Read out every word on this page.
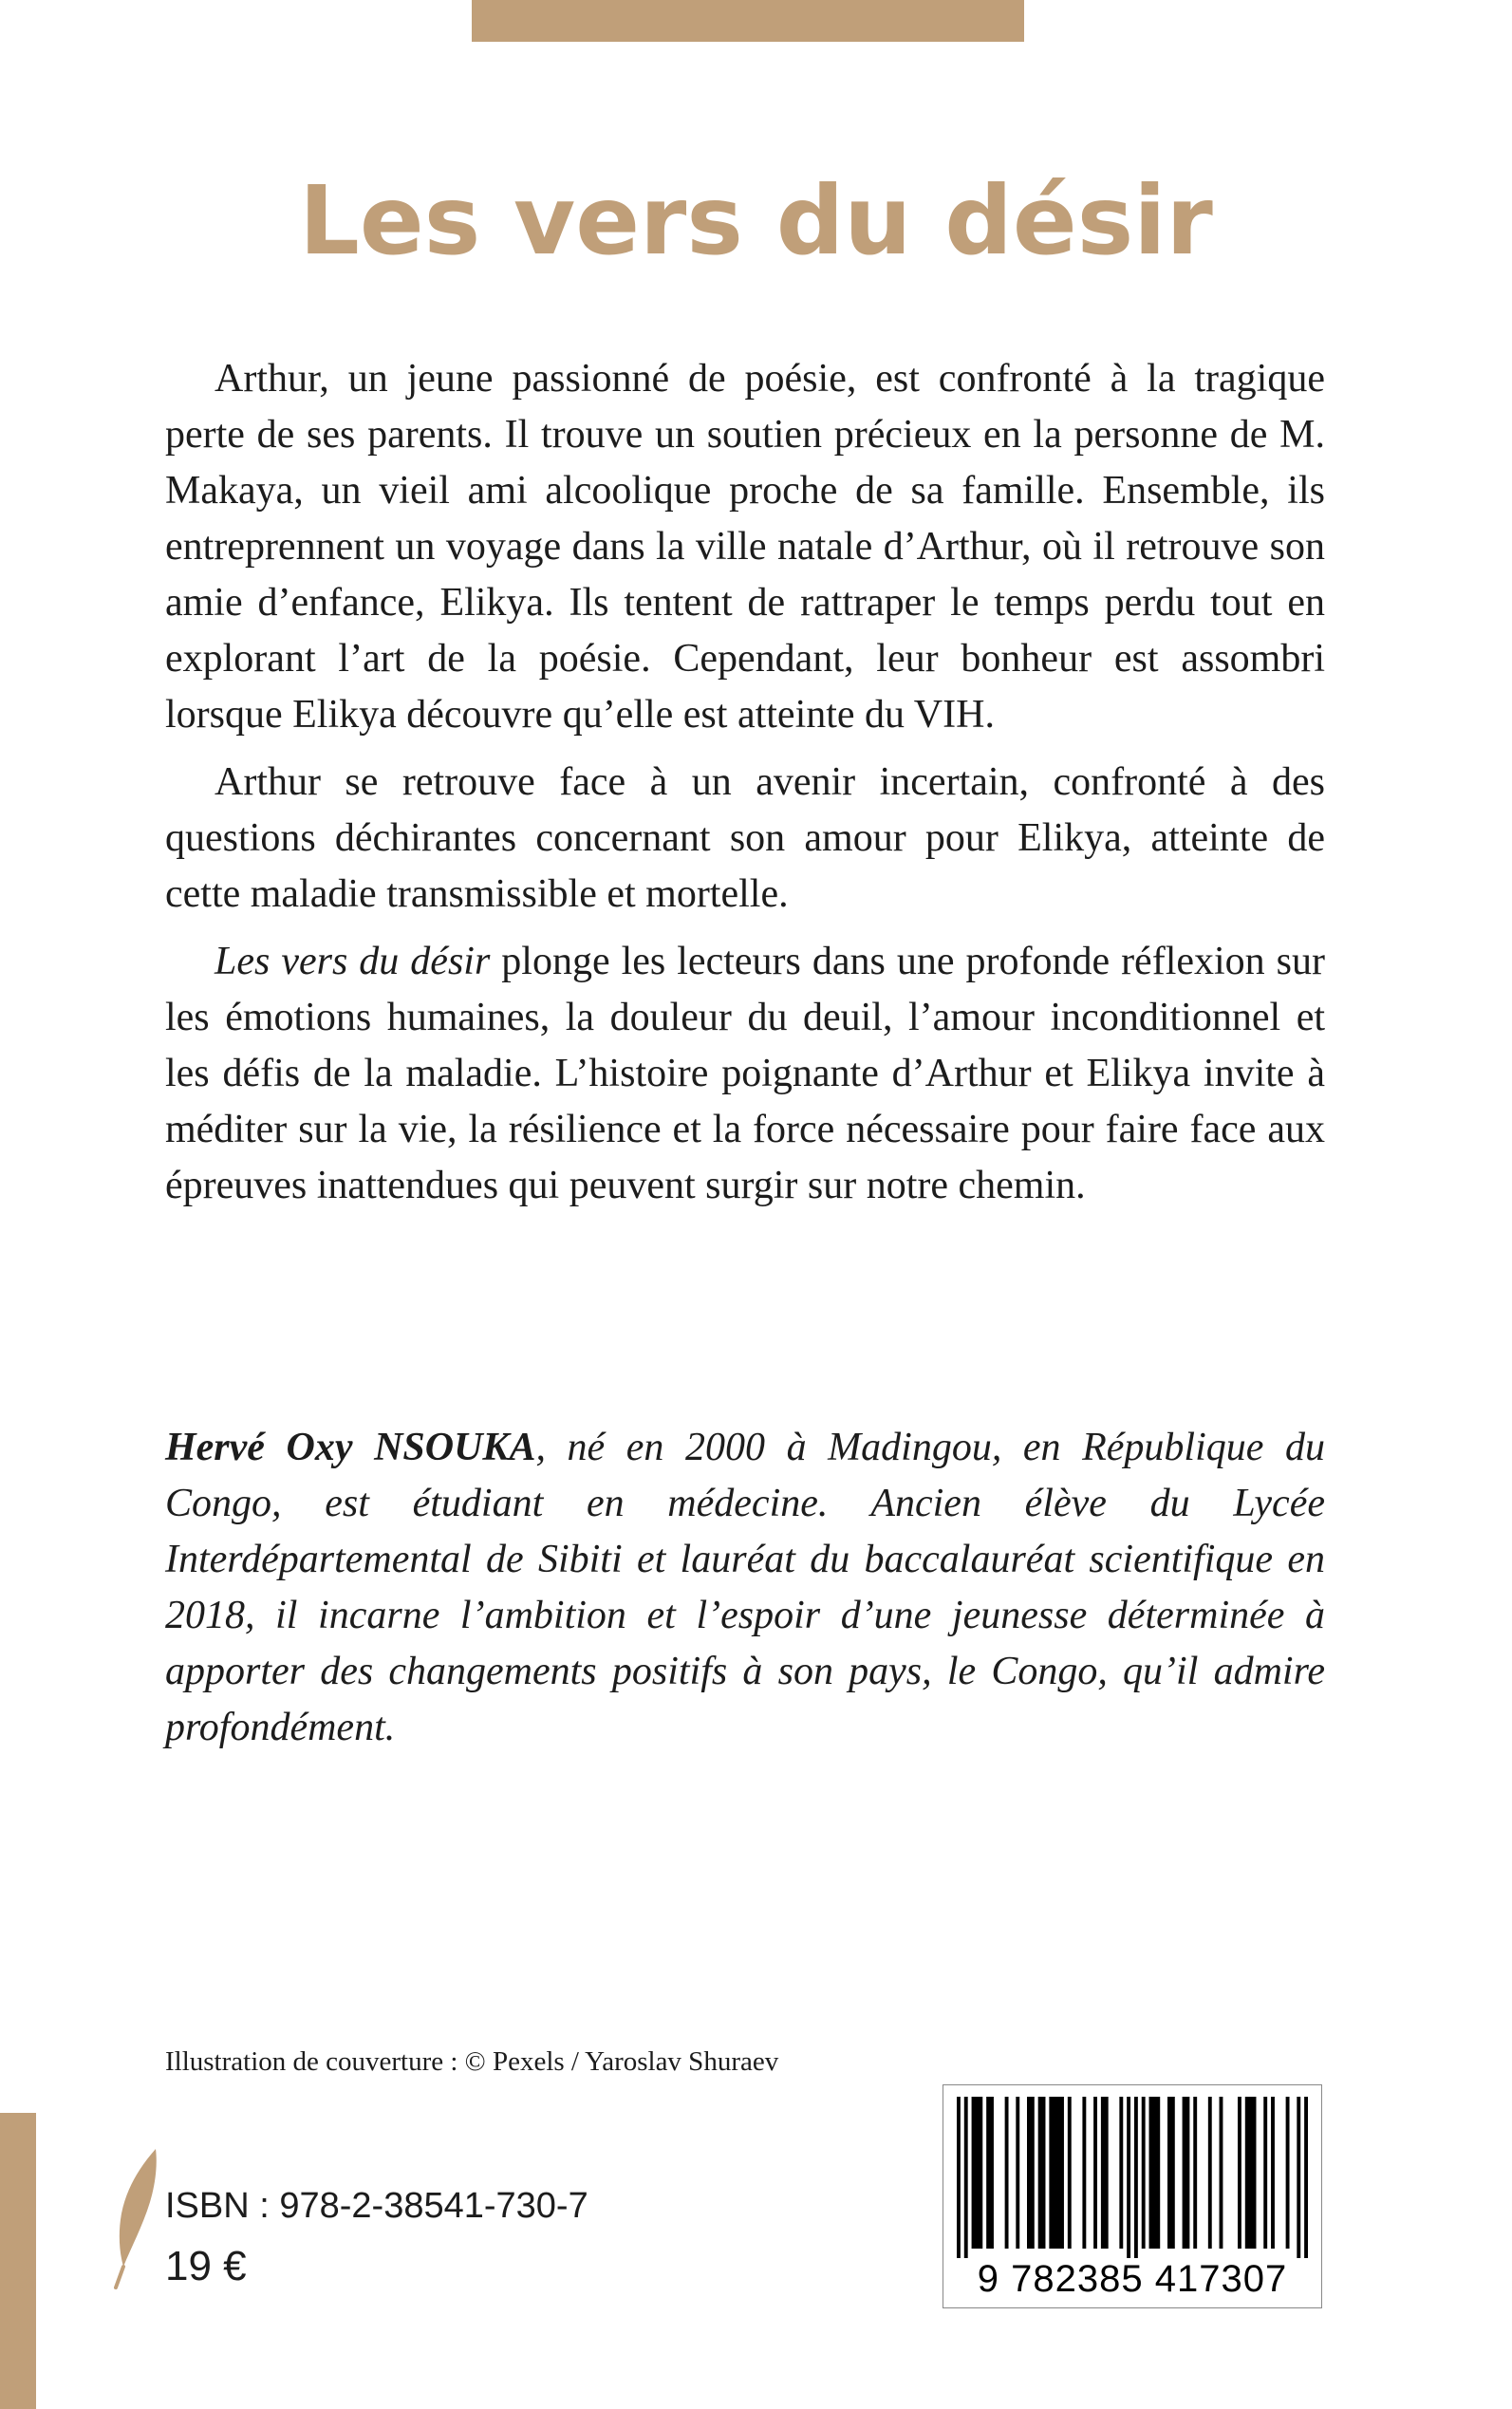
Les vers du désir

Arthur, un jeune passionné de poésie, est confronté à la tragique perte de ses parents. Il trouve un soutien précieux en la personne de M. Makaya, un vieil ami alcoolique proche de sa famille. Ensemble, ils entreprennent un voyage dans la ville natale d’Arthur, où il retrouve son amie d’enfance, Elikya. Ils tentent de rattraper le temps perdu tout en explorant l’art de la poésie. Cependant, leur bonheur est assombri lorsque Elikya découvre qu’elle est atteinte du VIH.

Arthur se retrouve face à un avenir incertain, confronté à des questions déchirantes concernant son amour pour Elikya, atteinte de cette maladie transmissible et mortelle.

Les vers du désir plonge les lecteurs dans une profonde réflexion sur les émotions humaines, la douleur du deuil, l’amour inconditionnel et les défis de la maladie. L’histoire poignante d’Arthur et Elikya invite à méditer sur la vie, la résilience et la force nécessaire pour faire face aux épreuves inattendues qui peuvent surgir sur notre chemin.

Hervé Oxy NSOUKA, né en 2000 à Madingou, en République du Congo, est étudiant en médecine. Ancien élève du Lycée Interdépartemental de Sibiti et lauréat du baccalauréat scientifique en 2018, il incarne l’ambition et l’espoir d’une jeunesse déterminée à apporter des changements positifs à son pays, le Congo, qu’il admire profondément.

Illustration de couverture : © Pexels / Yaroslav Shuraev
ISBN : 978-2-38541-730-7
19 €	9 782385 417307
